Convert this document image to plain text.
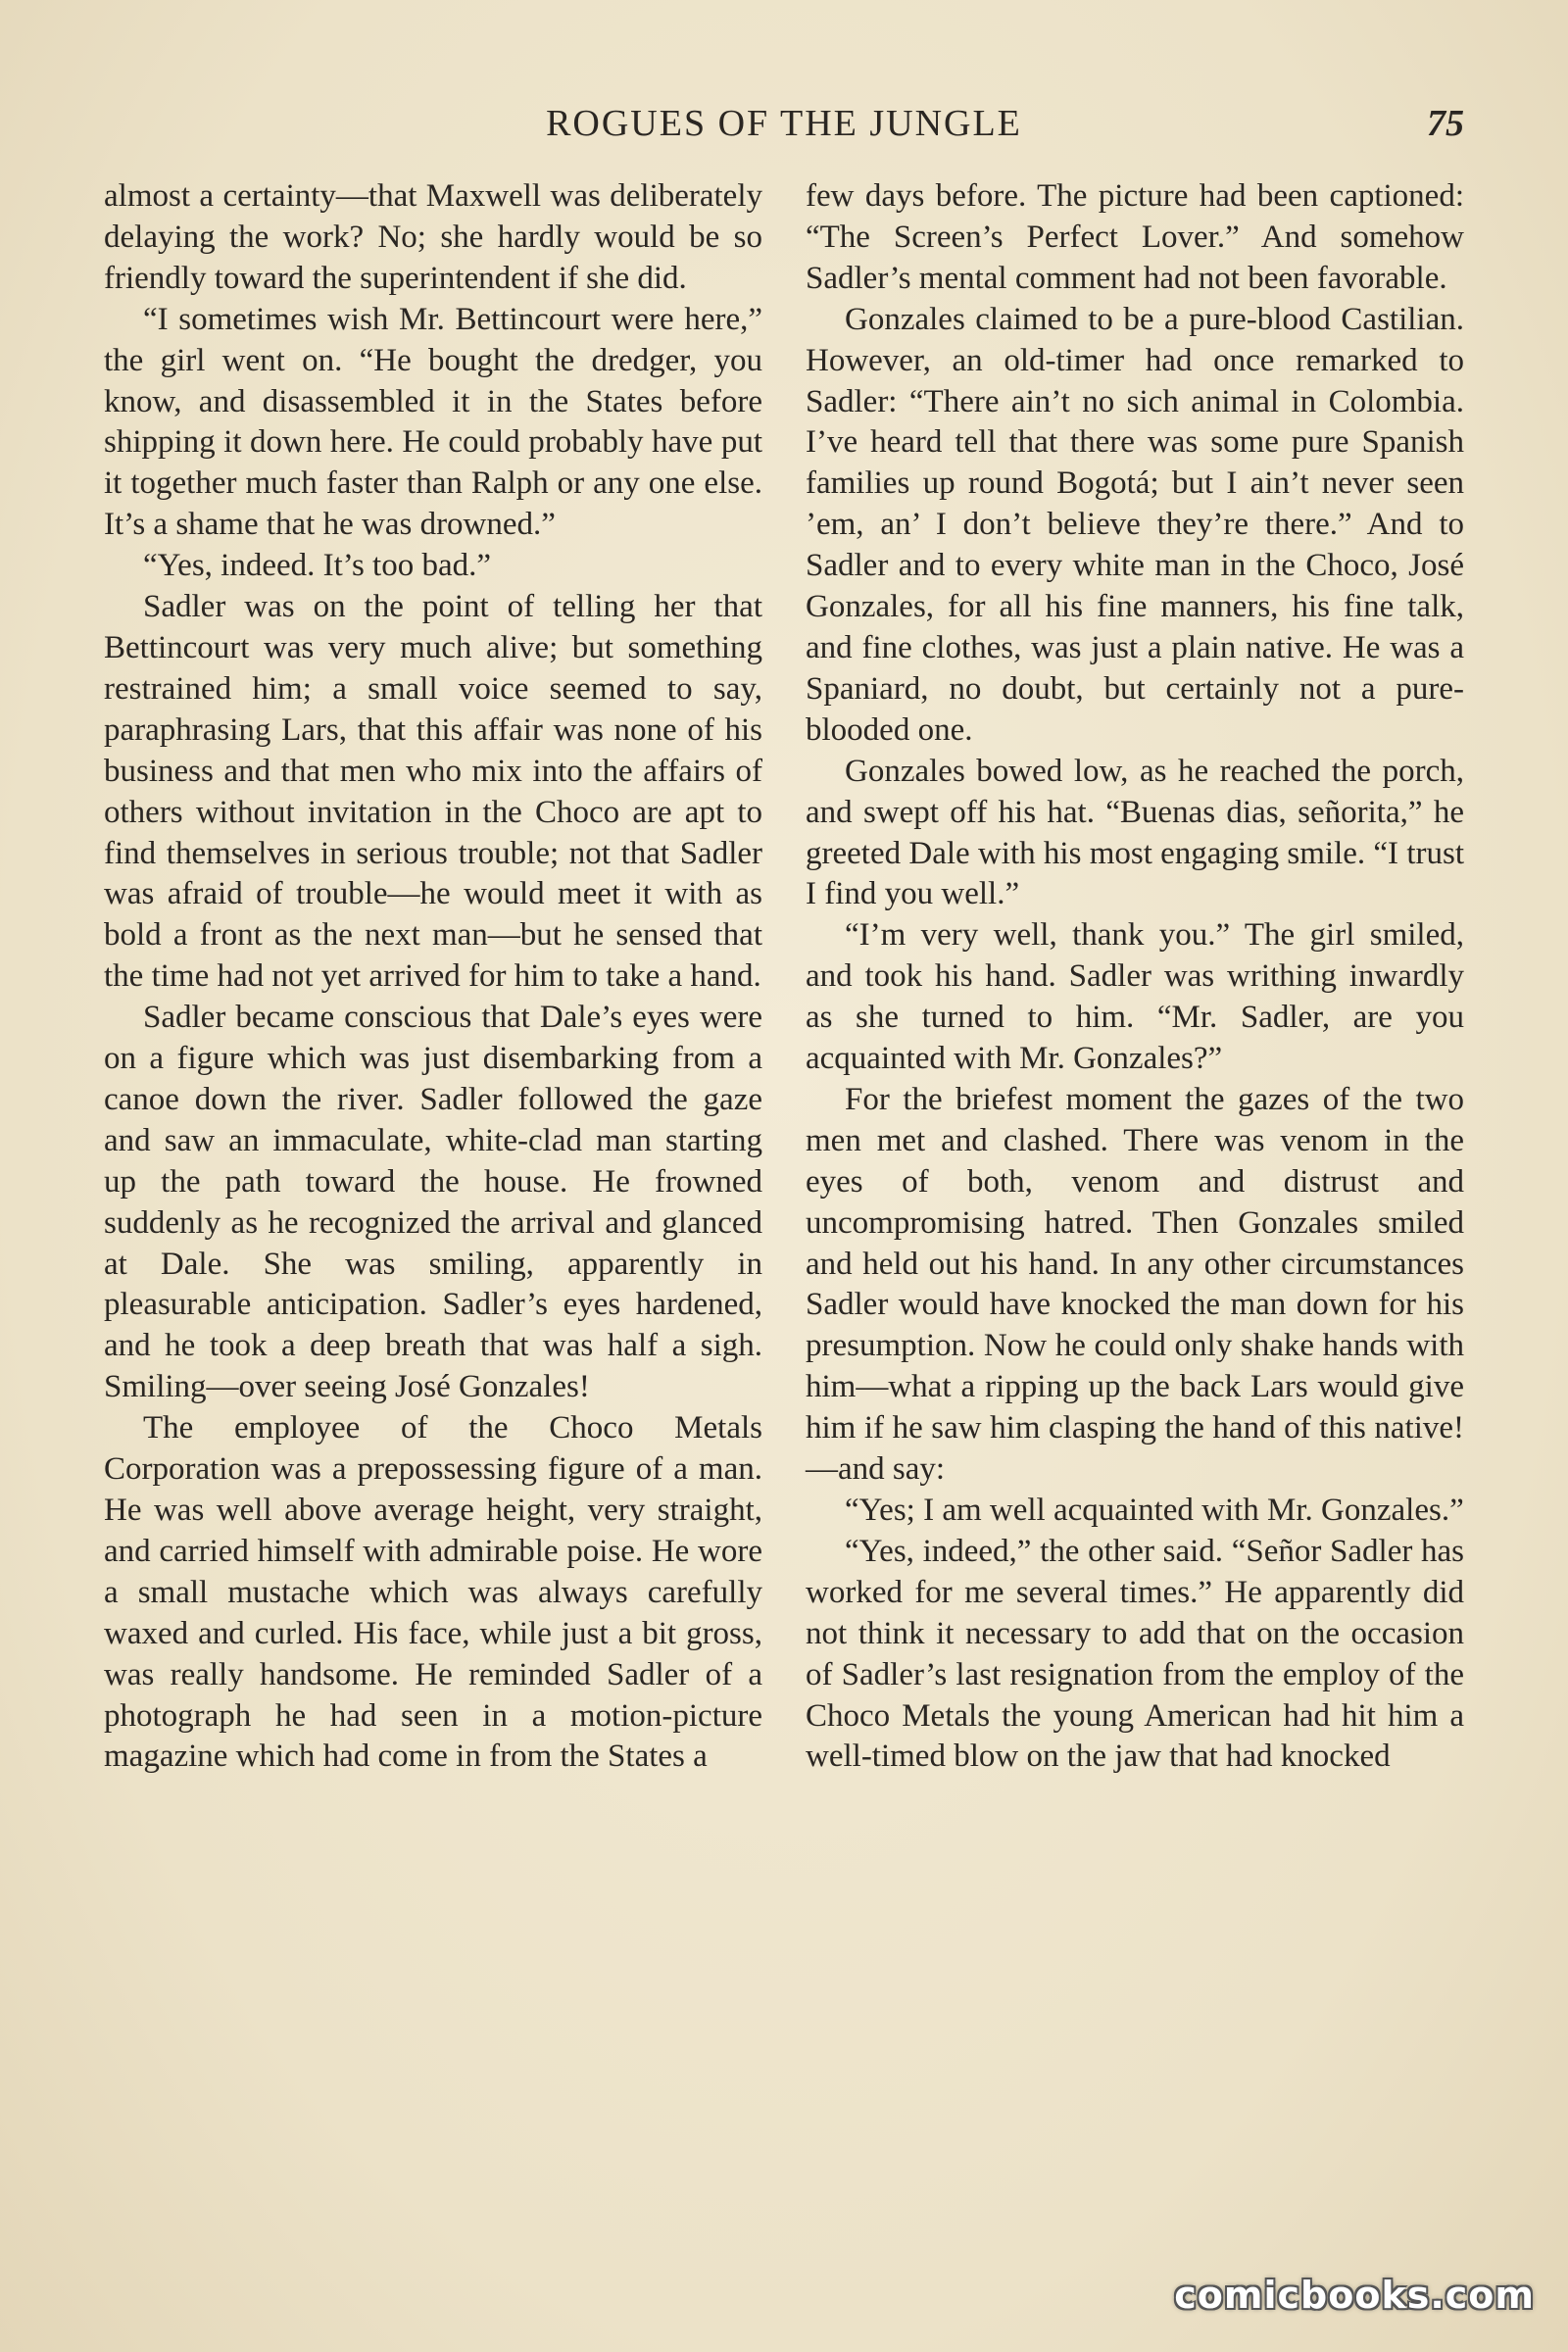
ROGUES OF THE JUNGLE	75

almost a certainty—that Maxwell was deliberately delaying the work? No; she hardly would be so friendly toward the superintendent if she did.

“I sometimes wish Mr. Bettincourt were here,” the girl went on. “He bought the dredger, you know, and disassembled it in the States before shipping it down here. He could probably have put it together much faster than Ralph or any one else. It’s a shame that he was drowned.”

“Yes, indeed. It’s too bad.”

Sadler was on the point of telling her that Bettincourt was very much alive; but something restrained him; a small voice seemed to say, paraphrasing Lars, that this affair was none of his business and that men who mix into the affairs of others without invitation in the Choco are apt to find themselves in serious trouble; not that Sadler was afraid of trouble—he would meet it with as bold a front as the next man—but he sensed that the time had not yet arrived for him to take a hand.

Sadler became conscious that Dale’s eyes were on a figure which was just disembarking from a canoe down the river. Sadler followed the gaze and saw an immaculate, white-clad man starting up the path toward the house. He frowned suddenly as he recognized the arrival and glanced at Dale. She was smiling, apparently in pleasurable anticipation. Sadler’s eyes hardened, and he took a deep breath that was half a sigh. Smiling—over seeing José Gonzales!

The employee of the Choco Metals Corporation was a prepossessing figure of a man. He was well above average height, very straight, and carried himself with admirable poise. He wore a small mustache which was always carefully waxed and curled. His face, while just a bit gross, was really handsome. He reminded Sadler of a photograph he had seen in a motion-picture magazine which had come in from the States a

few days before. The picture had been captioned: “The Screen’s Perfect Lover.” And somehow Sadler’s mental comment had not been favorable.

Gonzales claimed to be a pure-blood Castilian. However, an old-timer had once remarked to Sadler: “There ain’t no sich animal in Colombia. I’ve heard tell that there was some pure Spanish families up round Bogotá; but I ain’t never seen ’em, an’ I don’t believe they’re there.” And to Sadler and to every white man in the Choco, José Gonzales, for all his fine manners, his fine talk, and fine clothes, was just a plain native. He was a Spaniard, no doubt, but certainly not a pure-blooded one.

Gonzales bowed low, as he reached the porch, and swept off his hat. “Buenas dias, señorita,” he greeted Dale with his most engaging smile. “I trust I find you well.”

“I’m very well, thank you.” The girl smiled, and took his hand. Sadler was writhing inwardly as she turned to him. “Mr. Sadler, are you acquainted with Mr. Gonzales?”

For the briefest moment the gazes of the two men met and clashed. There was venom in the eyes of both, venom and distrust and uncompromising hatred. Then Gonzales smiled and held out his hand. In any other circumstances Sadler would have knocked the man down for his presumption. Now he could only shake hands with him—what a ripping up the back Lars would give him if he saw him clasping the hand of this native!—and say:

“Yes; I am well acquainted with Mr. Gonzales.”

“Yes, indeed,” the other said. “Señor Sadler has worked for me several times.” He apparently did not think it necessary to add that on the occasion of Sadler’s last resignation from the employ of the Choco Metals the young American had hit him a well-timed blow on the jaw that had knocked

comicbooks.com
